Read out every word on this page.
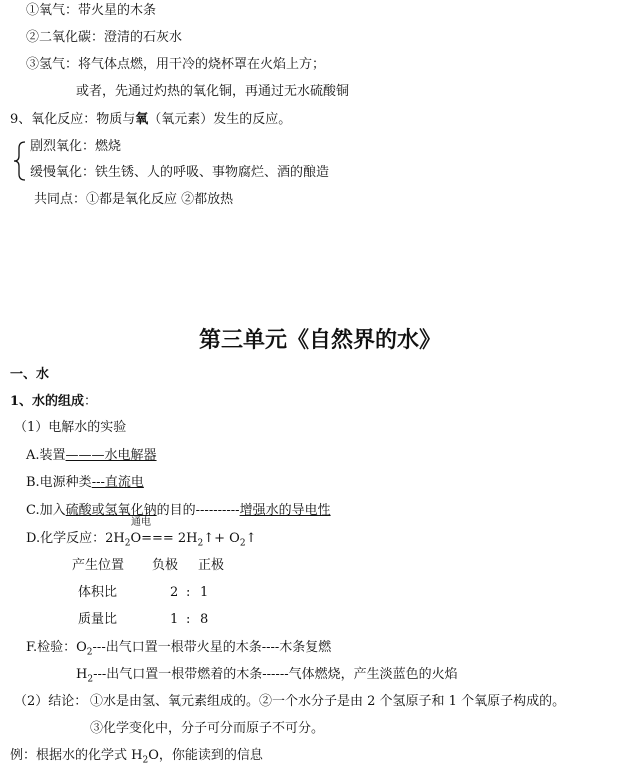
①氧气：带火星的木条
②二氧化碳：澄清的石灰水
③氢气：将气体点燃，用干冷的烧杯罩在火焰上方；
或者，先通过灼热的氧化铜，再通过无水硫酸铜
9、氧化反应：物质与氧（氧元素）发生的反应。
剧烈氧化：燃烧
缓慢氧化：铁生锈、人的呼吸、事物腐烂、酒的酿造
共同点：①都是氧化反应 ②都放热
第三单元《自然界的水》
一、水
1、水的组成：
（1）电解水的实验
A.装置———水电解器
B.电源种类---直流电
C.加入硫酸或氢氧化钠的目的----------增强水的导电性
通电
D.化学反应：$2H_2O===$ $2H_2↑+$ $O_2↑$
产生位置 负极 正极
体积比	2 : 1
质量比	1 : 8
F.检验：$O_2---$出气口置一根带火星的木条----木条复燃
$H_2---$出气口置一根带燃着的木条------气体燃烧，产生淡蓝色的火焰
（2）结论： ①水是由氢、氧元素组成的。②一个水分子是由 2 个氢原子和 1 个氧原子构成的。
③化学变化中，分子可分而原子不可分。
例：根据水的化学式 $H_2O$，你能读到的信息
